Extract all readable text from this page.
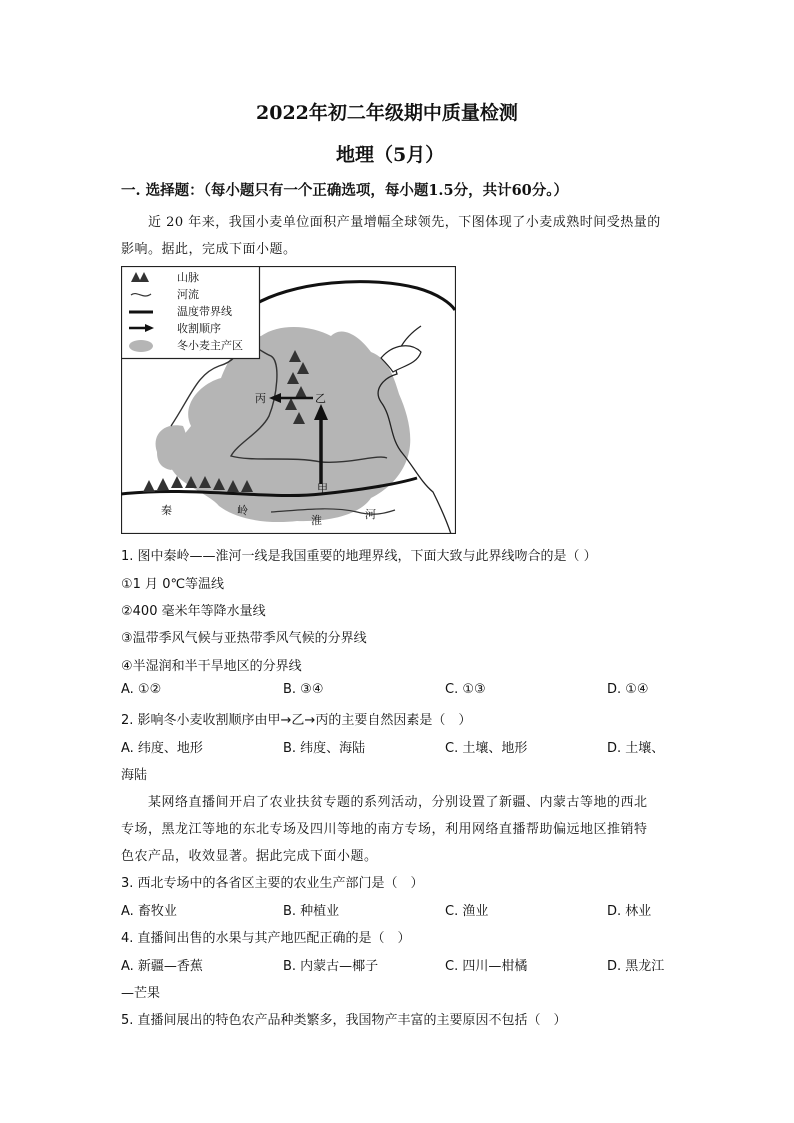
2022年初二年级期中质量检测
地理（5月）
一. 选择题：（每小题只有一个正确选项，每小题1.5分，共计60分。）
近 20 年来，我国小麦单位面积产量增幅全球领先，下图体现了小麦成熟时间受热量的
影响。据此，完成下面小题。
丙	乙
甲
秦	岭
淮	河
山脉
河流
温度带界线
收割顺序
冬小麦主产区
1. 图中秦岭——淮河一线是我国重要的地理界线，下面大致与此界线吻合的是（ ）
①1 月 0℃等温线
②400 毫米年等降水量线
③温带季风气候与亚热带季风气候的分界线
④半湿润和半干旱地区的分界线
A. ①②	B. ③④	C. ①③	D. ①④
2. 影响冬小麦收割顺序由甲→乙→丙的主要自然因素是（　）
A. 纬度、地形	B. 纬度、海陆	C. 土壤、地形	D. 土壤、
海陆
某网络直播间开启了农业扶贫专题的系列活动，分别设置了新疆、内蒙古等地的西北
专场，黑龙江等地的东北专场及四川等地的南方专场，利用网络直播帮助偏远地区推销特
色农产品，收效显著。据此完成下面小题。
3. 西北专场中的各省区主要的农业生产部门是（　）
A. 畜牧业	B. 种植业	C. 渔业	D. 林业
4. 直播间出售的水果与其产地匹配正确的是（　）
A. 新疆—香蕉	B. 内蒙古—椰子	C. 四川—柑橘	D. 黑龙江
—芒果
5. 直播间展出的特色农产品种类繁多，我国物产丰富的主要原因不包括（　）
